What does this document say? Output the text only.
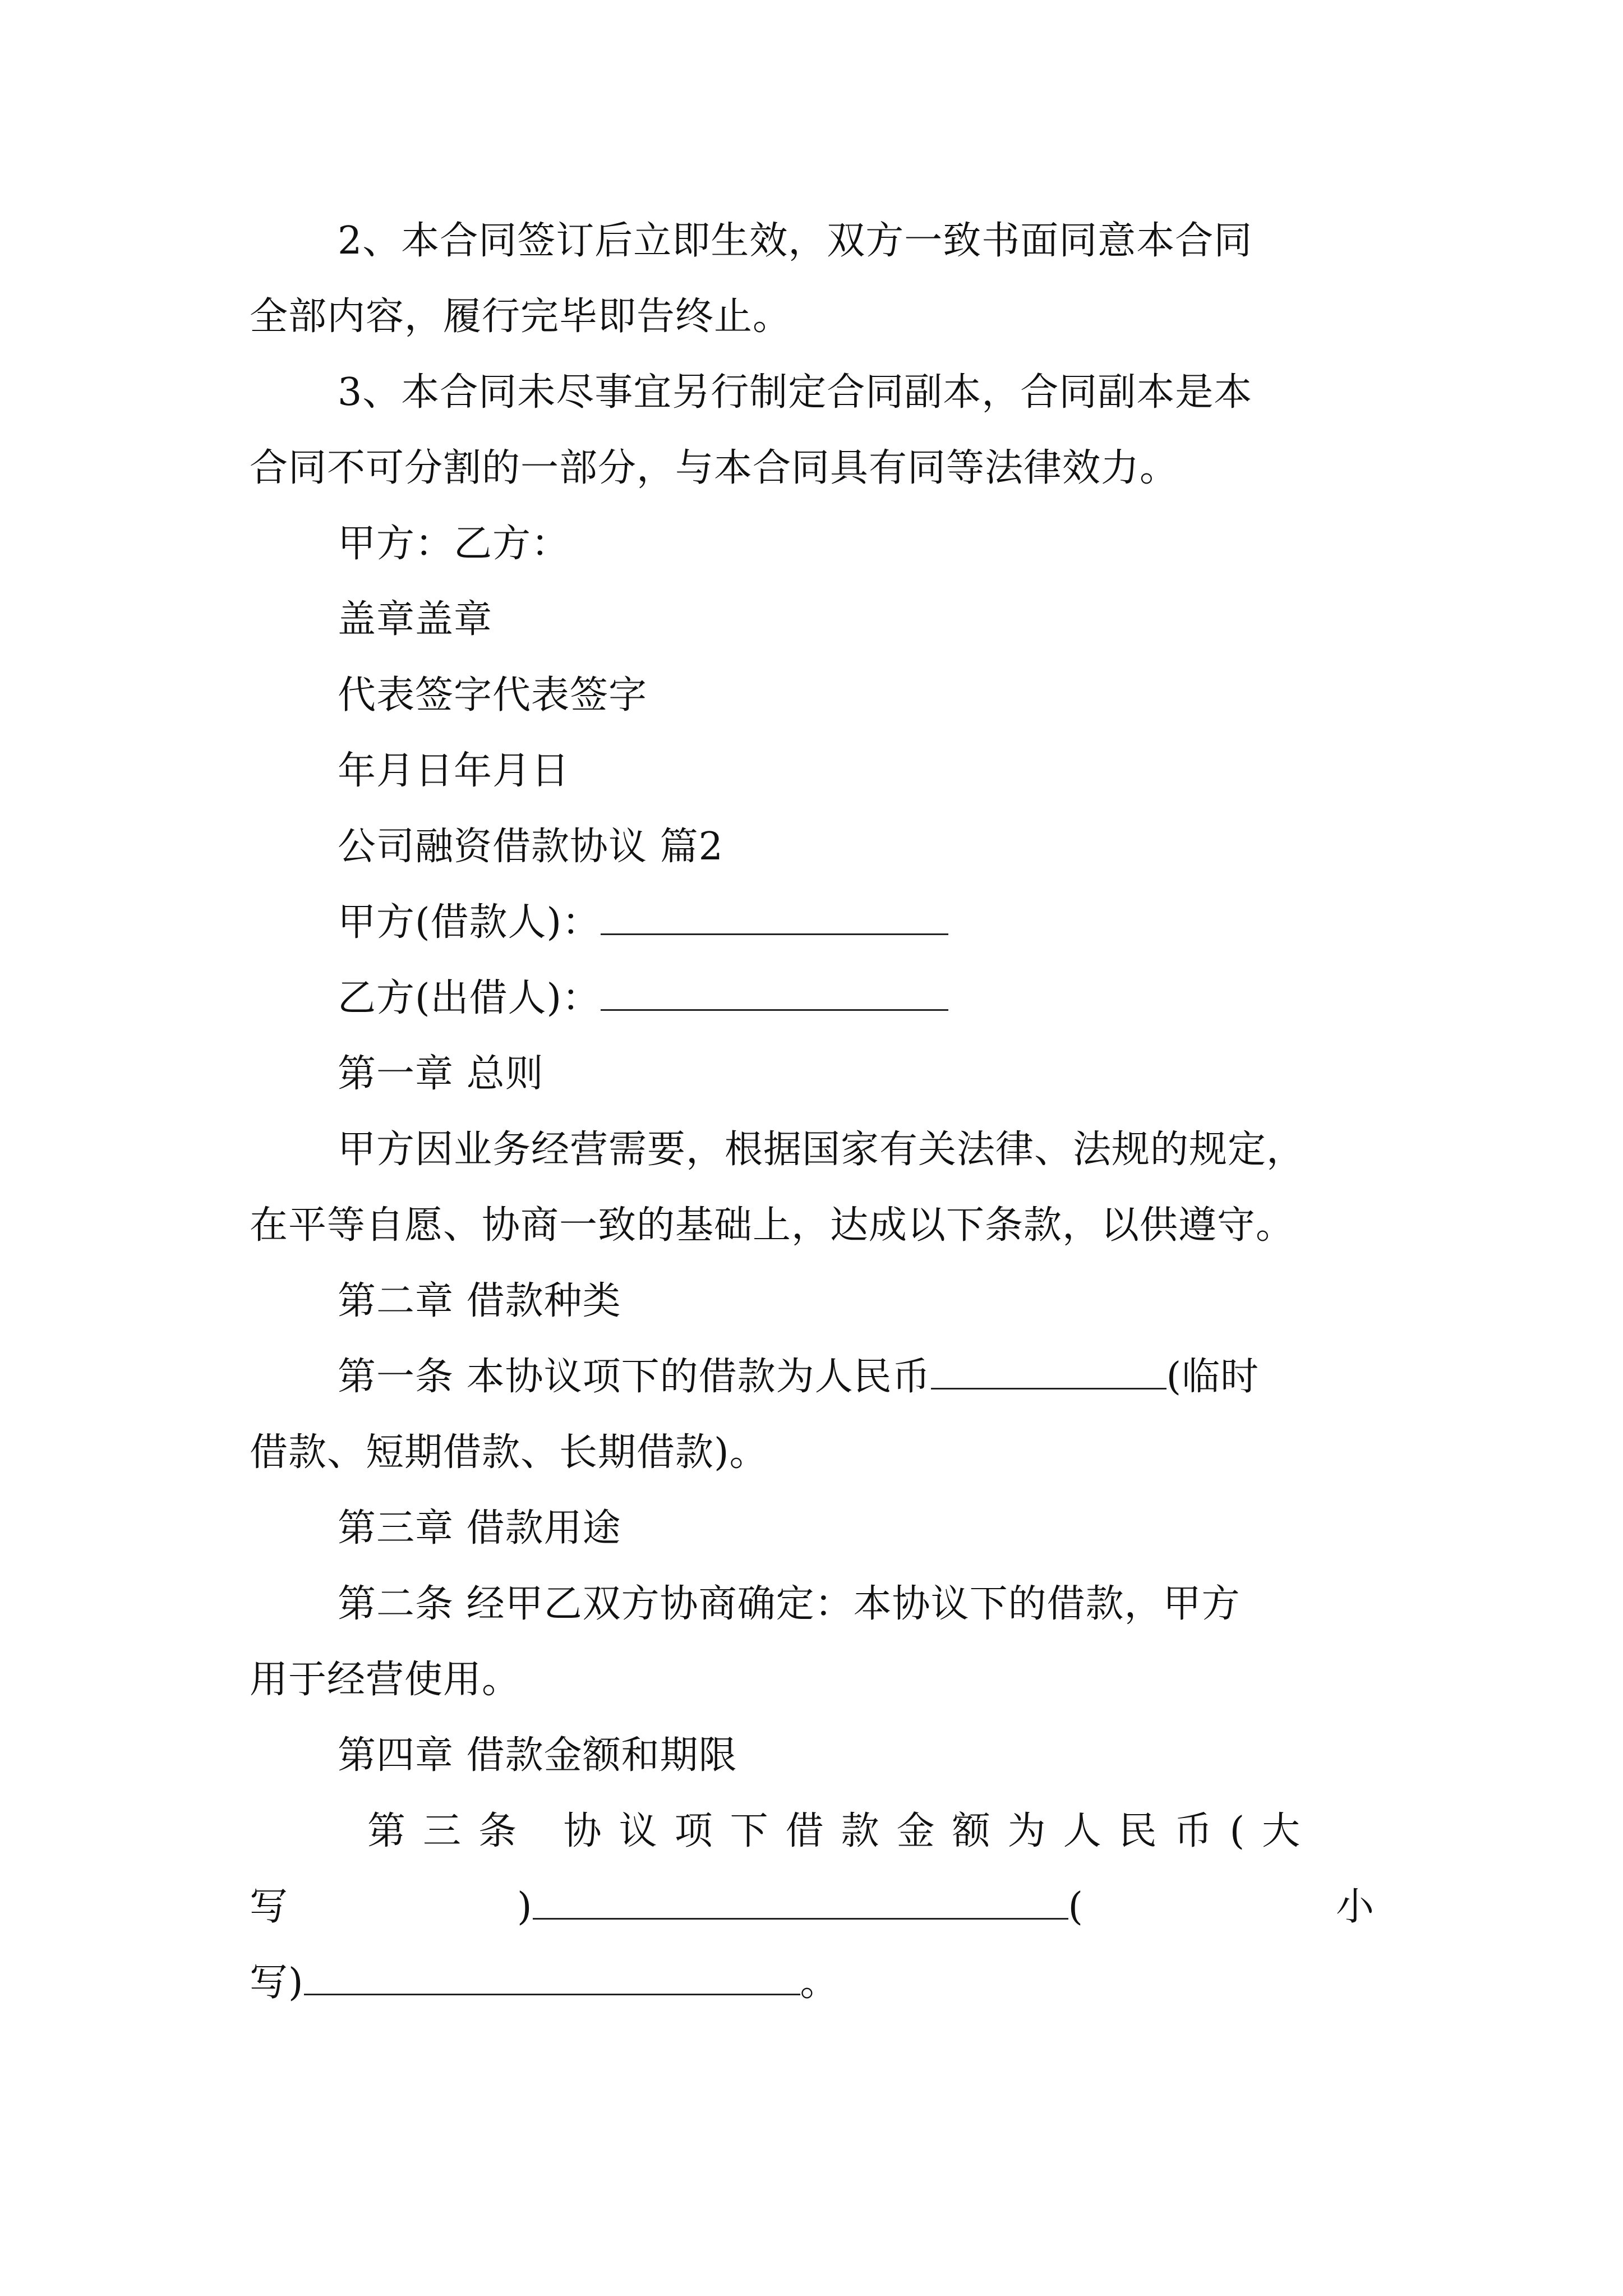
2、本合同签订后立即生效，双方一致书面同意本合同
全部内容，履行完毕即告终止。
3、本合同未尽事宜另行制定合同副本，合同副本是本
合同不可分割的一部分，与本合同具有同等法律效力。
甲方：乙方：
盖章盖章
代表签字代表签字
年月日年月日
公司融资借款协议 篇2
甲方(借款人)：
乙方(出借人)：
第一章 总则
甲方因业务经营需要，根据国家有关法律、法规的规定，
在平等自愿、协商一致的基础上，达成以下条款，以供遵守。
第二章 借款种类
第一条 本协议项下的借款为人民币	(临时
借款、短期借款、长期借款)。
第三章 借款用途
第二条 经甲乙双方协商确定：本协议下的借款，甲方
用于经营使用。
第四章 借款金额和期限
第三条 协议项下借款金额为人民币(大
写	)	(	小
写)	。
